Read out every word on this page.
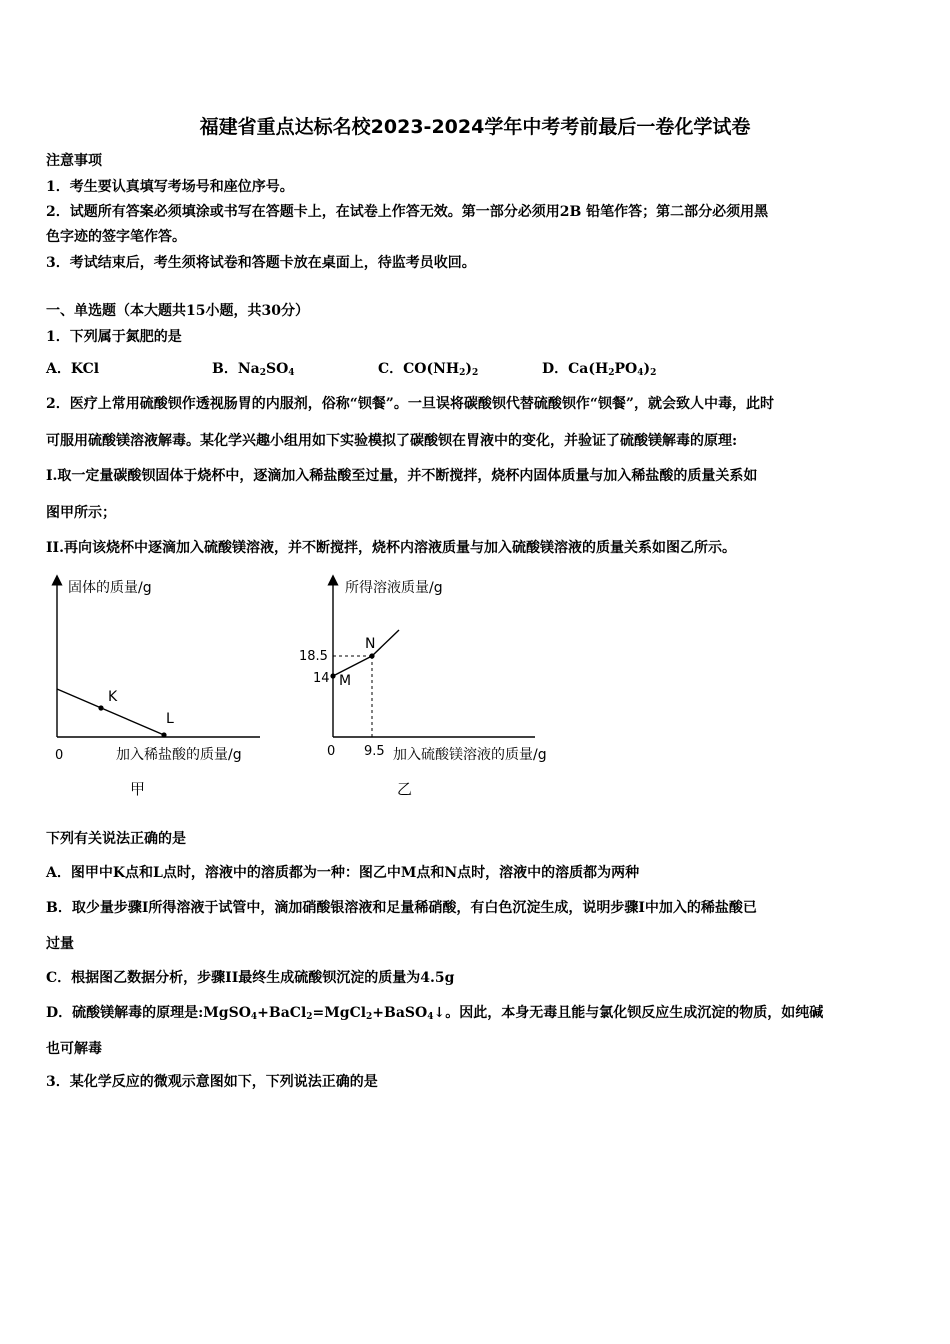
福建省重点达标名校2023-2024学年中考考前最后一卷化学试卷
注意事项
1．考生要认真填写考场号和座位序号。
2．试题所有答案必须填涂或书写在答题卡上，在试卷上作答无效。第一部分必须用2B 铅笔作答；第二部分必须用黑
色字迹的签字笔作答。
3．考试结束后，考生须将试卷和答题卡放在桌面上，待监考员收回。
一、单选题（本大题共15小题，共30分）
1．下列属于氮肥的是
A．KCl	B．$Na_2SO_4$	C．$CO(NH_2)_2$	D．$Ca(H_2PO_4)_2$
2．医疗上常用硫酸钡作透视肠胃的内服剂，俗称“钡餐”。一旦误将碳酸钡代替硫酸钡作“钡餐”，就会致人中毒，此时
可服用硫酸镁溶液解毒。某化学兴趣小组用如下实验模拟了碳酸钡在胃液中的变化，并验证了硫酸镁解毒的原理:
I.取一定量碳酸钡固体于烧杯中，逐滴加入稀盐酸至过量，并不断搅拌，烧杯内固体质量与加入稀盐酸的质量关系如
图甲所示；
II.再向该烧杯中逐滴加入硫酸镁溶液，并不断搅拌，烧杯内溶液质量与加入硫酸镁溶液的质量关系如图乙所示。
固体的质量/g
K
L
0	加入稀盐酸的质量/g
甲
所得溶液质量/g
18.5
14 M
N
0 9.5 加入硫酸镁溶液的质量/g
乙
下列有关说法正确的是
A．图甲中K点和L点时，溶液中的溶质都为一种：图乙中M点和N点时，溶液中的溶质都为两种
B．取少量步骤I所得溶液于试管中，滴加硝酸银溶液和足量稀硝酸，有白色沉淀生成，说明步骤I中加入的稀盐酸已
过量
C．根据图乙数据分析，步骤II最终生成硫酸钡沉淀的质量为4.5g
D．硫酸镁解毒的原理是:MgSO$_4$+BaCl$_2$=MgCl$_2$+BaSO$_4$↓。因此，本身无毒且能与氯化钡反应生成沉淀的物质，如纯碱
也可解毒
3．某化学反应的微观示意图如下，下列说法正确的是
